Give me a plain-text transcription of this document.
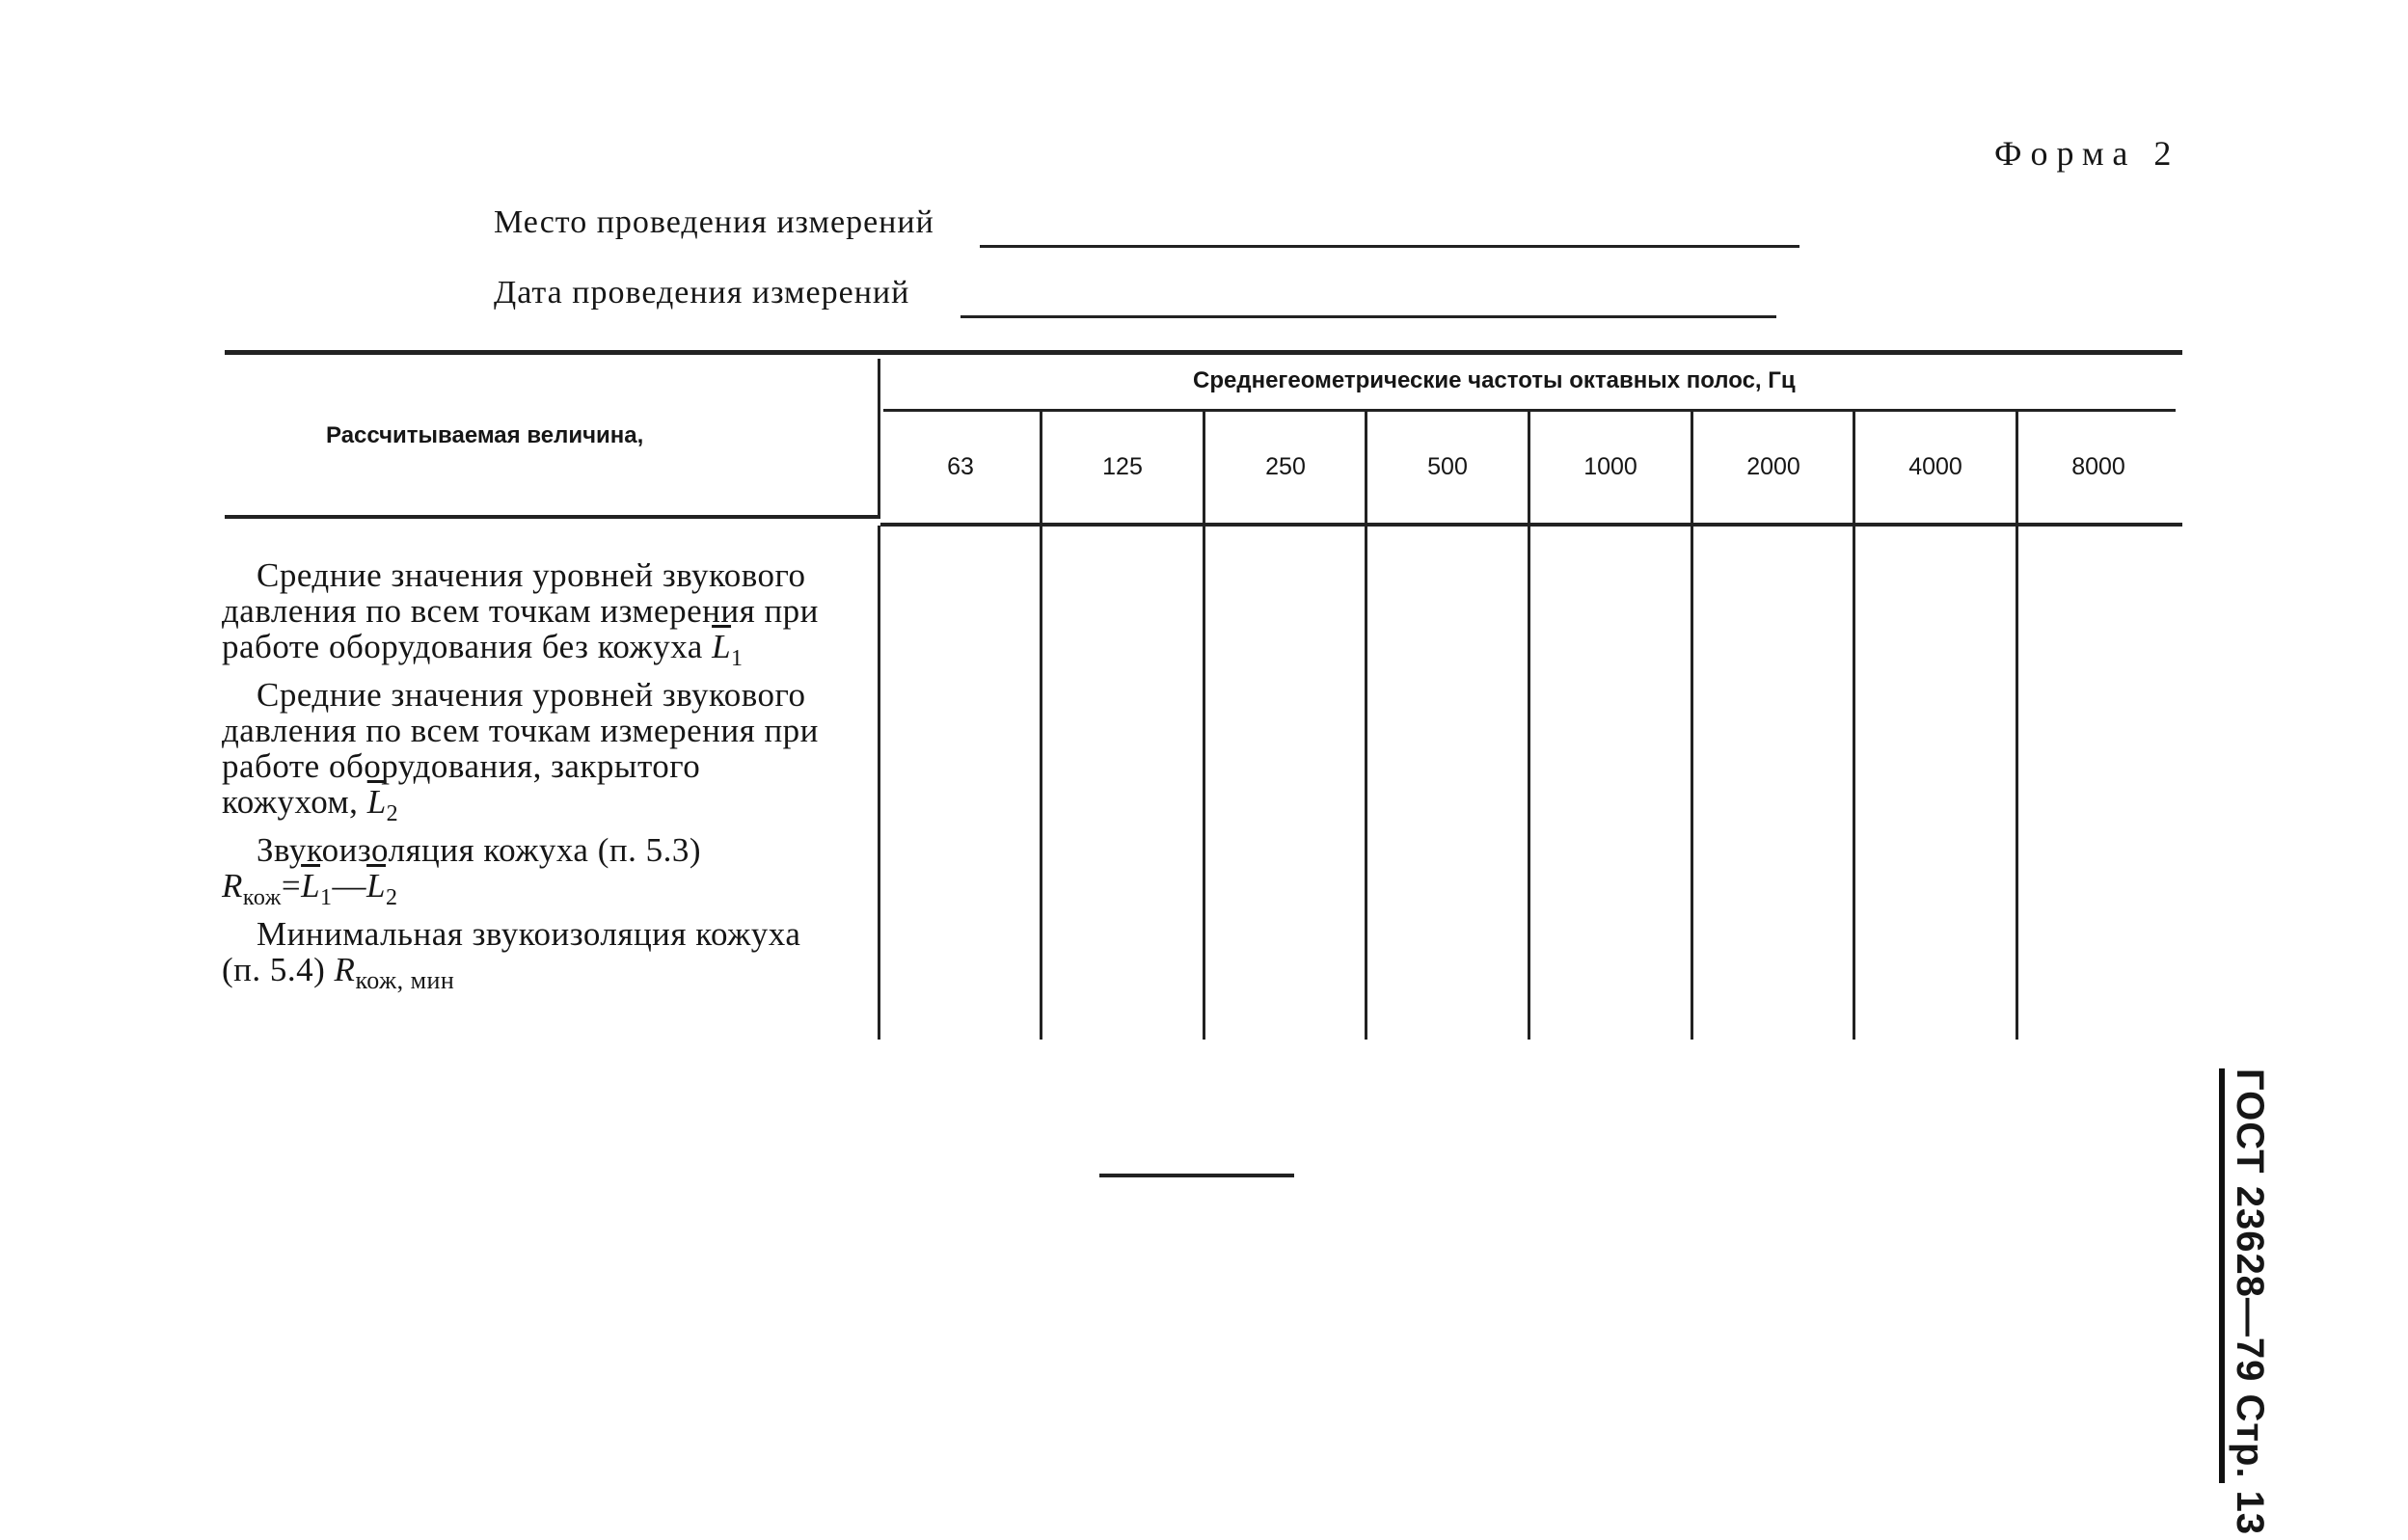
Форма 2
Место проведения измерений
Дата проведения измерений
Рассчитываемая величина,
Среднегеометрические частоты октавных полос, Гц
63	125	250	500	1000	2000	4000	8000

Средние значения уровней звукового давления по всем точкам измерения при работе оборудования без кожуха $\overline{L}_1$

Средние значения уровней звукового давления по всем точкам измерения при работе оборудования, закрытого кожухом, $\overline{L}_2$

Звукоизоляция кожуха (п. 5.3)
$R_{кож}=\overline{L}_1—\overline{L}_2$

Минимальная звукоизоляция кожуха (п. 5.4) $R_{кож, мин}$

ГОСТ 23628—79 Стр. 13
